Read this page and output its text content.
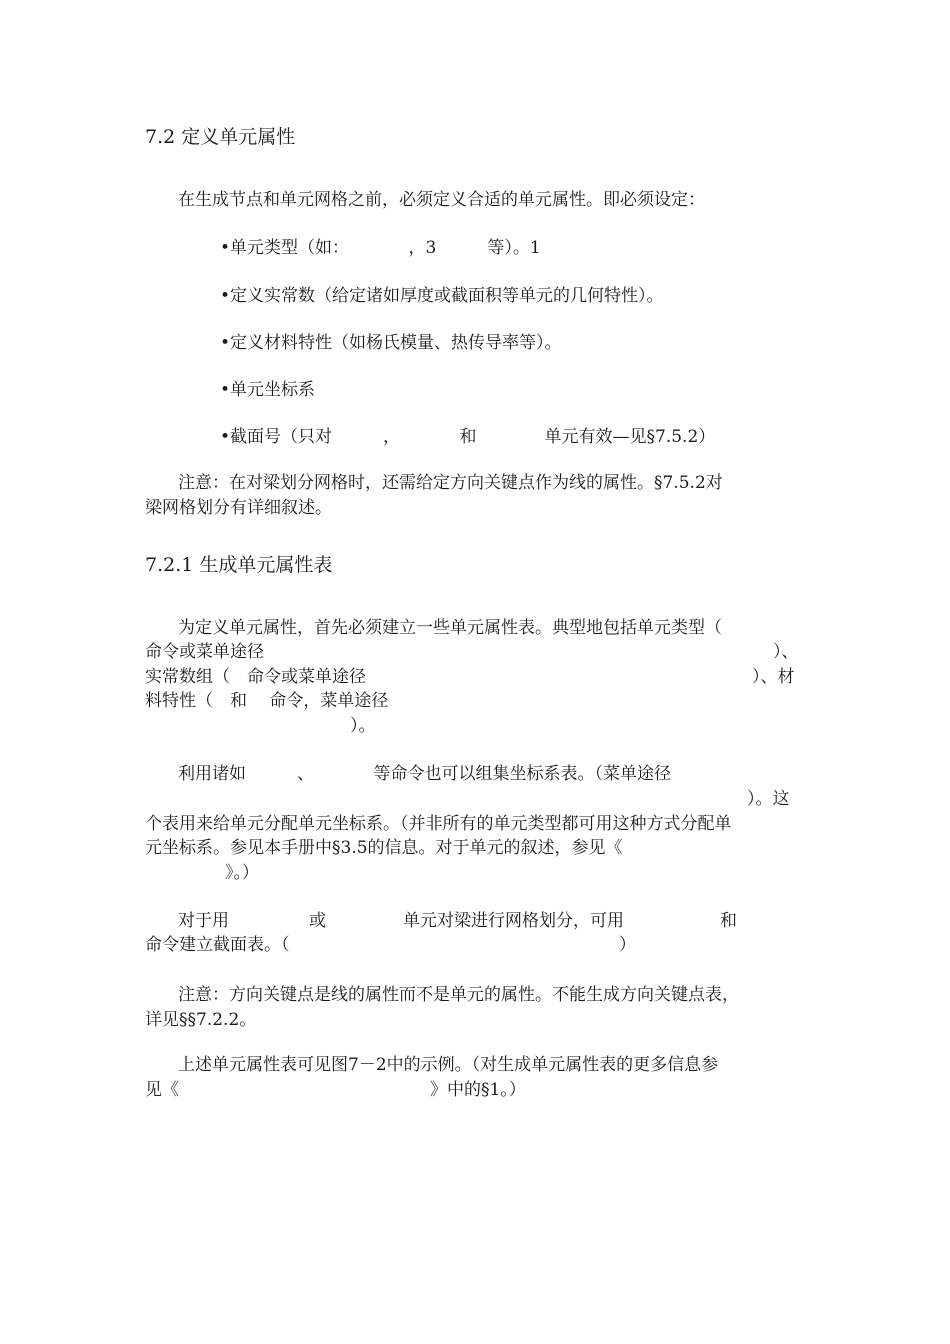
7.2 定义单元属性
在生成节点和单元网格之前，必须定义合适的单元属性。即必须设定：
•单元类型（如：　　　　，3　　　等）。1
•定义实常数（给定诸如厚度或截面积等单元的几何特性）。
•定义材料特性（如杨氏模量、热传导率等）。
•单元坐标系
•截面号（只对　　　，　　　　和　　　　单元有效—见§7.5.2）
注意：在对梁划分网格时，还需给定方向关键点作为线的属性。§7.5.2对
梁网格划分有详细叙述。
7.2.1 生成单元属性表
为定义单元属性，首先必须建立一些单元属性表。典型地包括单元类型（
命令或菜单途径	）、
实常数组（　命令或菜单途径	）、材
料特性（　和　 命令，菜单途径
）。
利用诸如　　　、　　　　等命令也可以组集坐标系表。（菜单途径
）。这
个表用来给单元分配单元坐标系。（并非所有的单元类型都可用这种方式分配单
元坐标系。参见本手册中§3.5的信息。对于单元的叙述，参见《
》。）
对于用	或	单元对梁进行网格划分，可用	和
命令建立截面表。（	）
注意：方向关键点是线的属性而不是单元的属性。不能生成方向关键点表，
详见§§7.2.2。
上述单元属性表可见图7－2中的示例。（对生成单元属性表的更多信息参
见《	》中的§1。）
